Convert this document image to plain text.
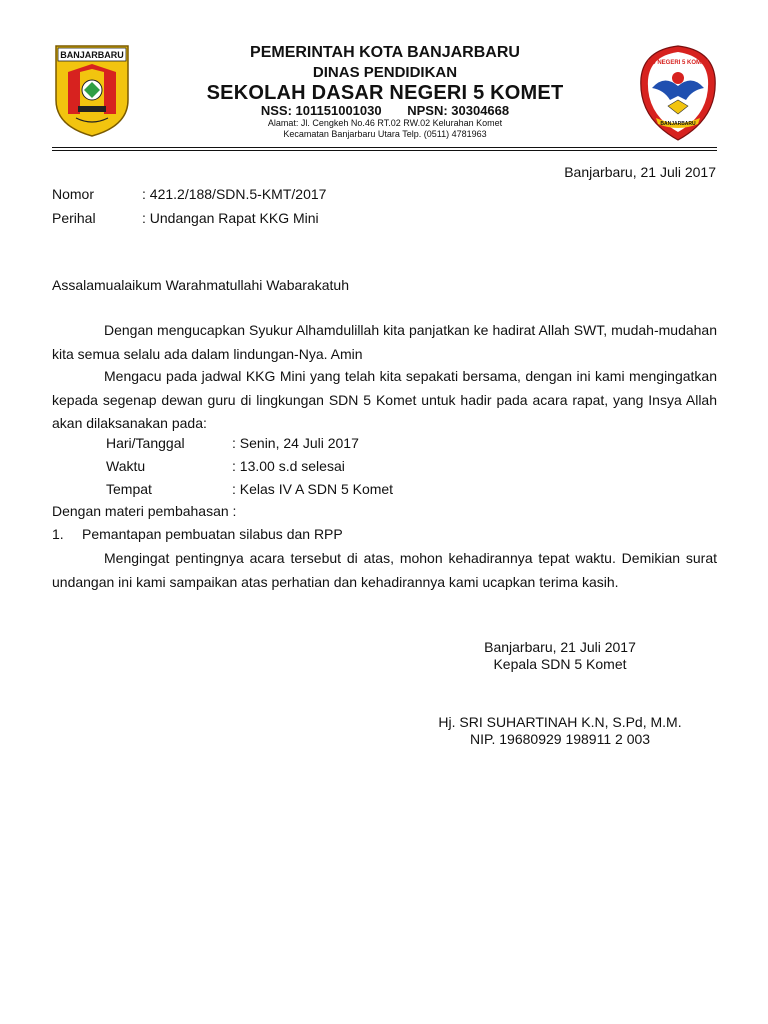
BANJARBARU
SD NEGERI 5 KOMET
BANJARBARU
PEMERINTAH KOTA BANJARBARU
DINAS PENDIDIKAN
SEKOLAH DASAR NEGERI 5 KOMET
NSS: 101151001030 NPSN: 30304668
Alamat: Jl. Cengkeh No.46 RT.02 RW.02 Kelurahan Komet
Kecamatan Banjarbaru Utara Telp. (0511) 4781963
Banjarbaru, 21 Juli 2017
Nomor	: 421.2/188/SDN.5-KMT/2017
Perihal	: Undangan Rapat KKG Mini
Assalamualaikum Warahmatullahi Wabarakatuh
Dengan mengucapkan Syukur Alhamdulillah kita panjatkan ke hadirat Allah SWT, mudah-mudahan kita semua selalu ada dalam lindungan-Nya. Amin
Mengacu pada jadwal KKG Mini yang telah kita sepakati bersama, dengan ini kami mengingatkan kepada segenap dewan guru di lingkungan SDN 5 Komet untuk hadir pada acara rapat, yang Insya Allah akan dilaksanakan pada:
Hari/Tanggal	: Senin, 24 Juli 2017
Waktu	: 13.00 s.d selesai
Tempat	: Kelas IV A SDN 5 Komet
Dengan materi pembahasan :
1. Pemantapan pembuatan silabus dan RPP
Mengingat pentingnya acara tersebut di atas, mohon kehadirannya tepat waktu. Demikian surat undangan ini kami sampaikan atas perhatian dan kehadirannya kami ucapkan terima kasih.
Banjarbaru, 21 Juli 2017
Kepala SDN 5 Komet
Hj. SRI SUHARTINAH K.N, S.Pd, M.M.
NIP. 19680929 198911 2 003
